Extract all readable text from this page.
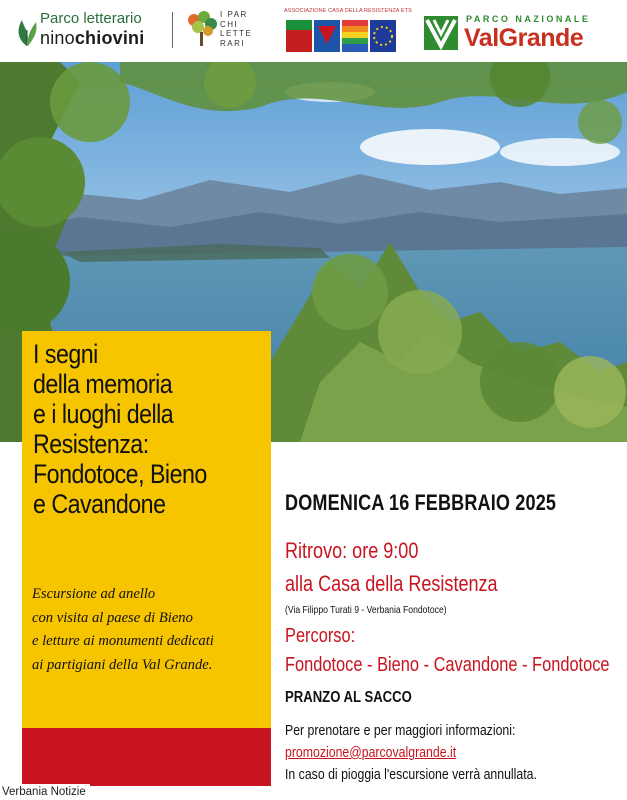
Parco letterario
ninochiovini
I PAR
CHI
LETTE
RARI
ASSOCIAZIONE CASA DELLA RESISTENZA ETS
PARCO NAZIONALE
ValGrande
I segni
della memoria
e i luoghi della
Resistenza:
Fondotoce, Bieno
e Cavandone
Escursione ad anello
con visita al paese di Bieno
e letture ai monumenti dedicati
ai partigiani della Val Grande.
DOMENICA 16 FEBBRAIO 2025
Ritrovo: ore 9:00
alla Casa della Resistenza
(Via Filippo Turati 9 - Verbania Fondotoce)
Percorso:
Fondotoce - Bieno - Cavandone - Fondotoce
PRANZO AL SACCO
Per prenotare e per maggiori informazioni:
promozione@parcovalgrande.it
In caso di pioggia l'escursione verrà annullata.
Verbania Notizie
